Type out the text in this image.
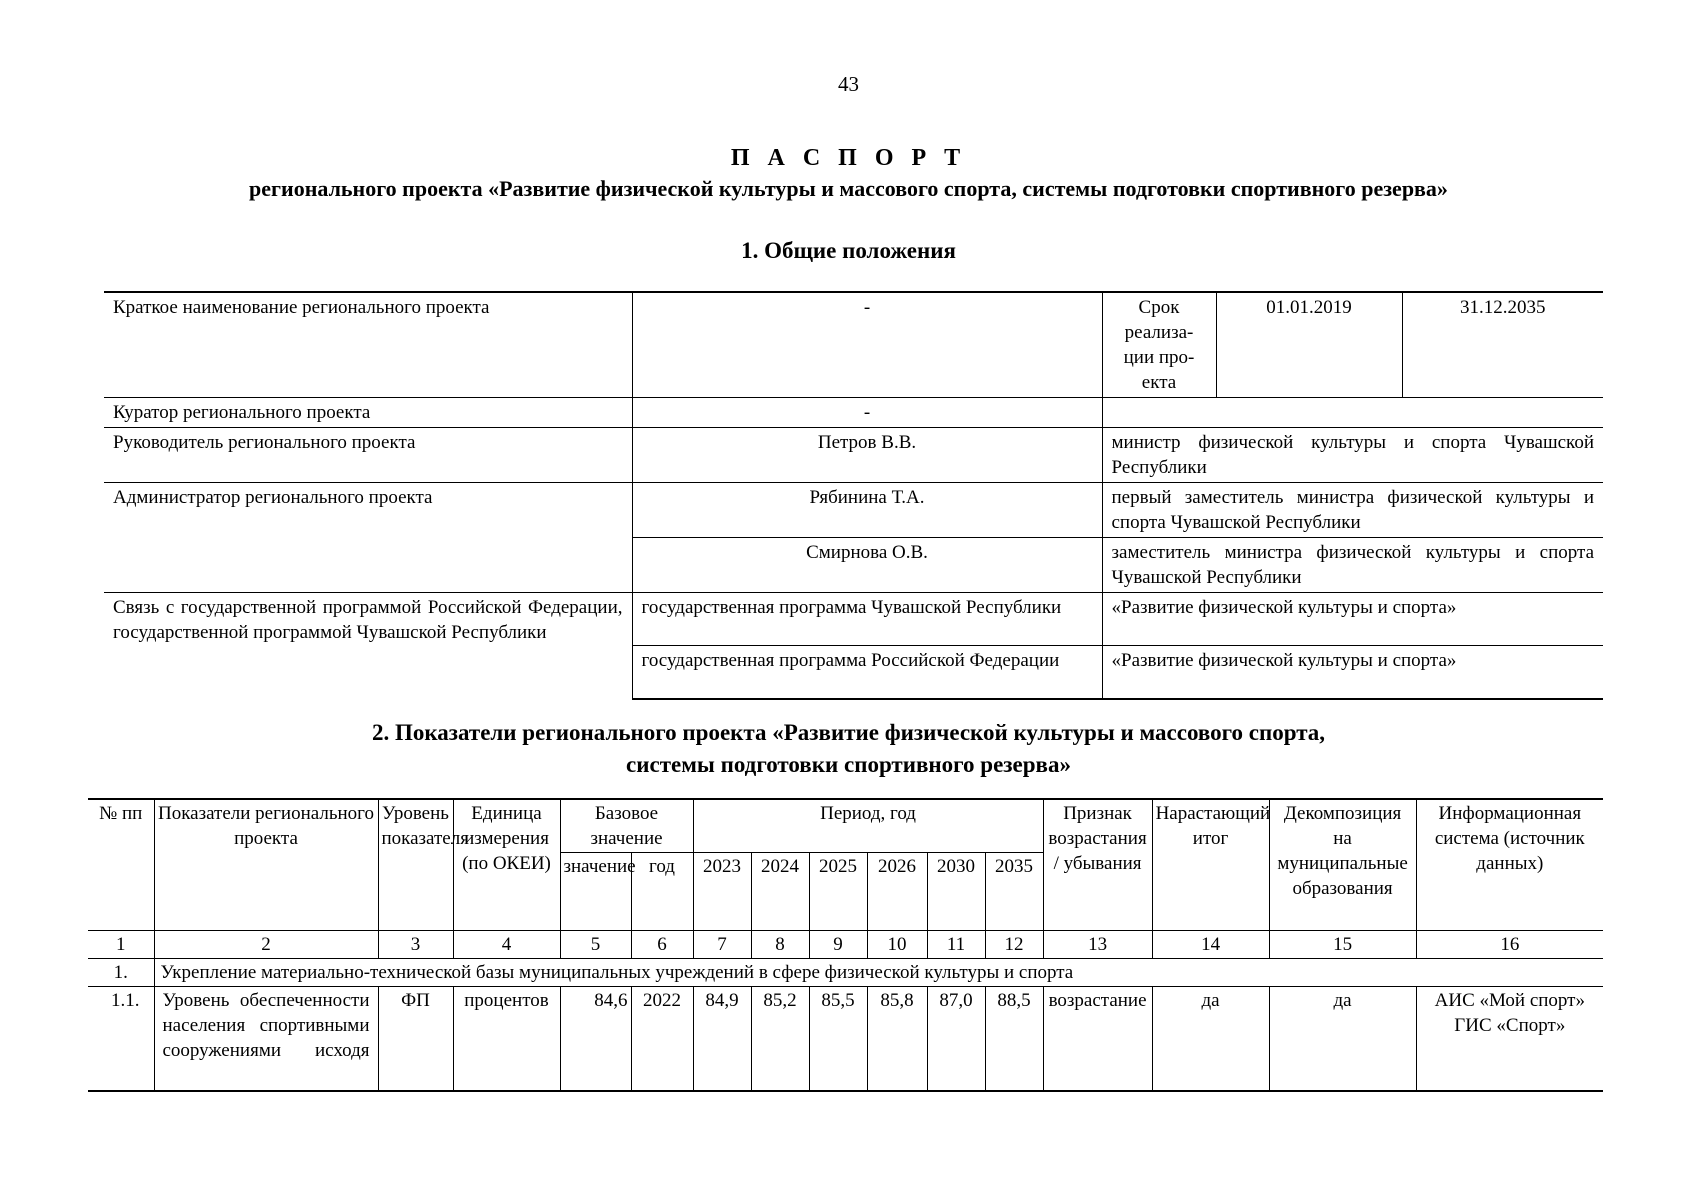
43
П А С П О Р Т
регионального проекта «Развитие физической культуры и массового спорта, системы подготовки спортивного резерва»
1. Общие положения
Краткое наименование регионального проекта	-	Срок реализа-ции про-екта	01.01.2019	31.12.2035
Куратор регионального проекта	-			
Руководитель регионального проекта	Петров В.В.	министр физической культуры и спорта Чувашской Республики		
Администратор регионального проекта	Рябинина Т.А.	первый заместитель министра физической культуры и спорта Чувашской Республики		
	Смирнова О.В.	заместитель министра физической культуры и спорта Чувашской Республики		
Связь с государственной программой Российской Федерации, государственной программой Чувашской Республики	государственная программа Чувашской Республики	«Развитие физической культуры и спорта»		
	государственная программа Российской Федерации	«Развитие физической культуры и спорта»		
2. Показатели регионального проекта «Развитие физической культуры и массового спорта,
системы подготовки спортивного резерва»
№ пп	Показатели регионального проекта	Уровень показателя	Единица измерения (по ОКЕИ)	Базовое значение		Период, год						Признак возрастания / убывания	Нарастающий итог	Декомпозиция на муниципальные образования	Информационная система (источник данных)

				значение	год	2023	2024	2025	2026	2030	2035				
1	2	3	4	5	6	7	8	9	10	11	12	13	14	15	16
1.	Укрепление материально-технической базы муниципальных учреждений в сфере физической культуры и спорта														
1.1.	Уровень обеспеченности населения спортивными сооружениями исходя	ФП	процентов	84,6	2022	84,9	85,2	85,5	85,8	87,0	88,5	возрастание	да	да	АИС «Мой спорт»
ГИС «Спорт»
